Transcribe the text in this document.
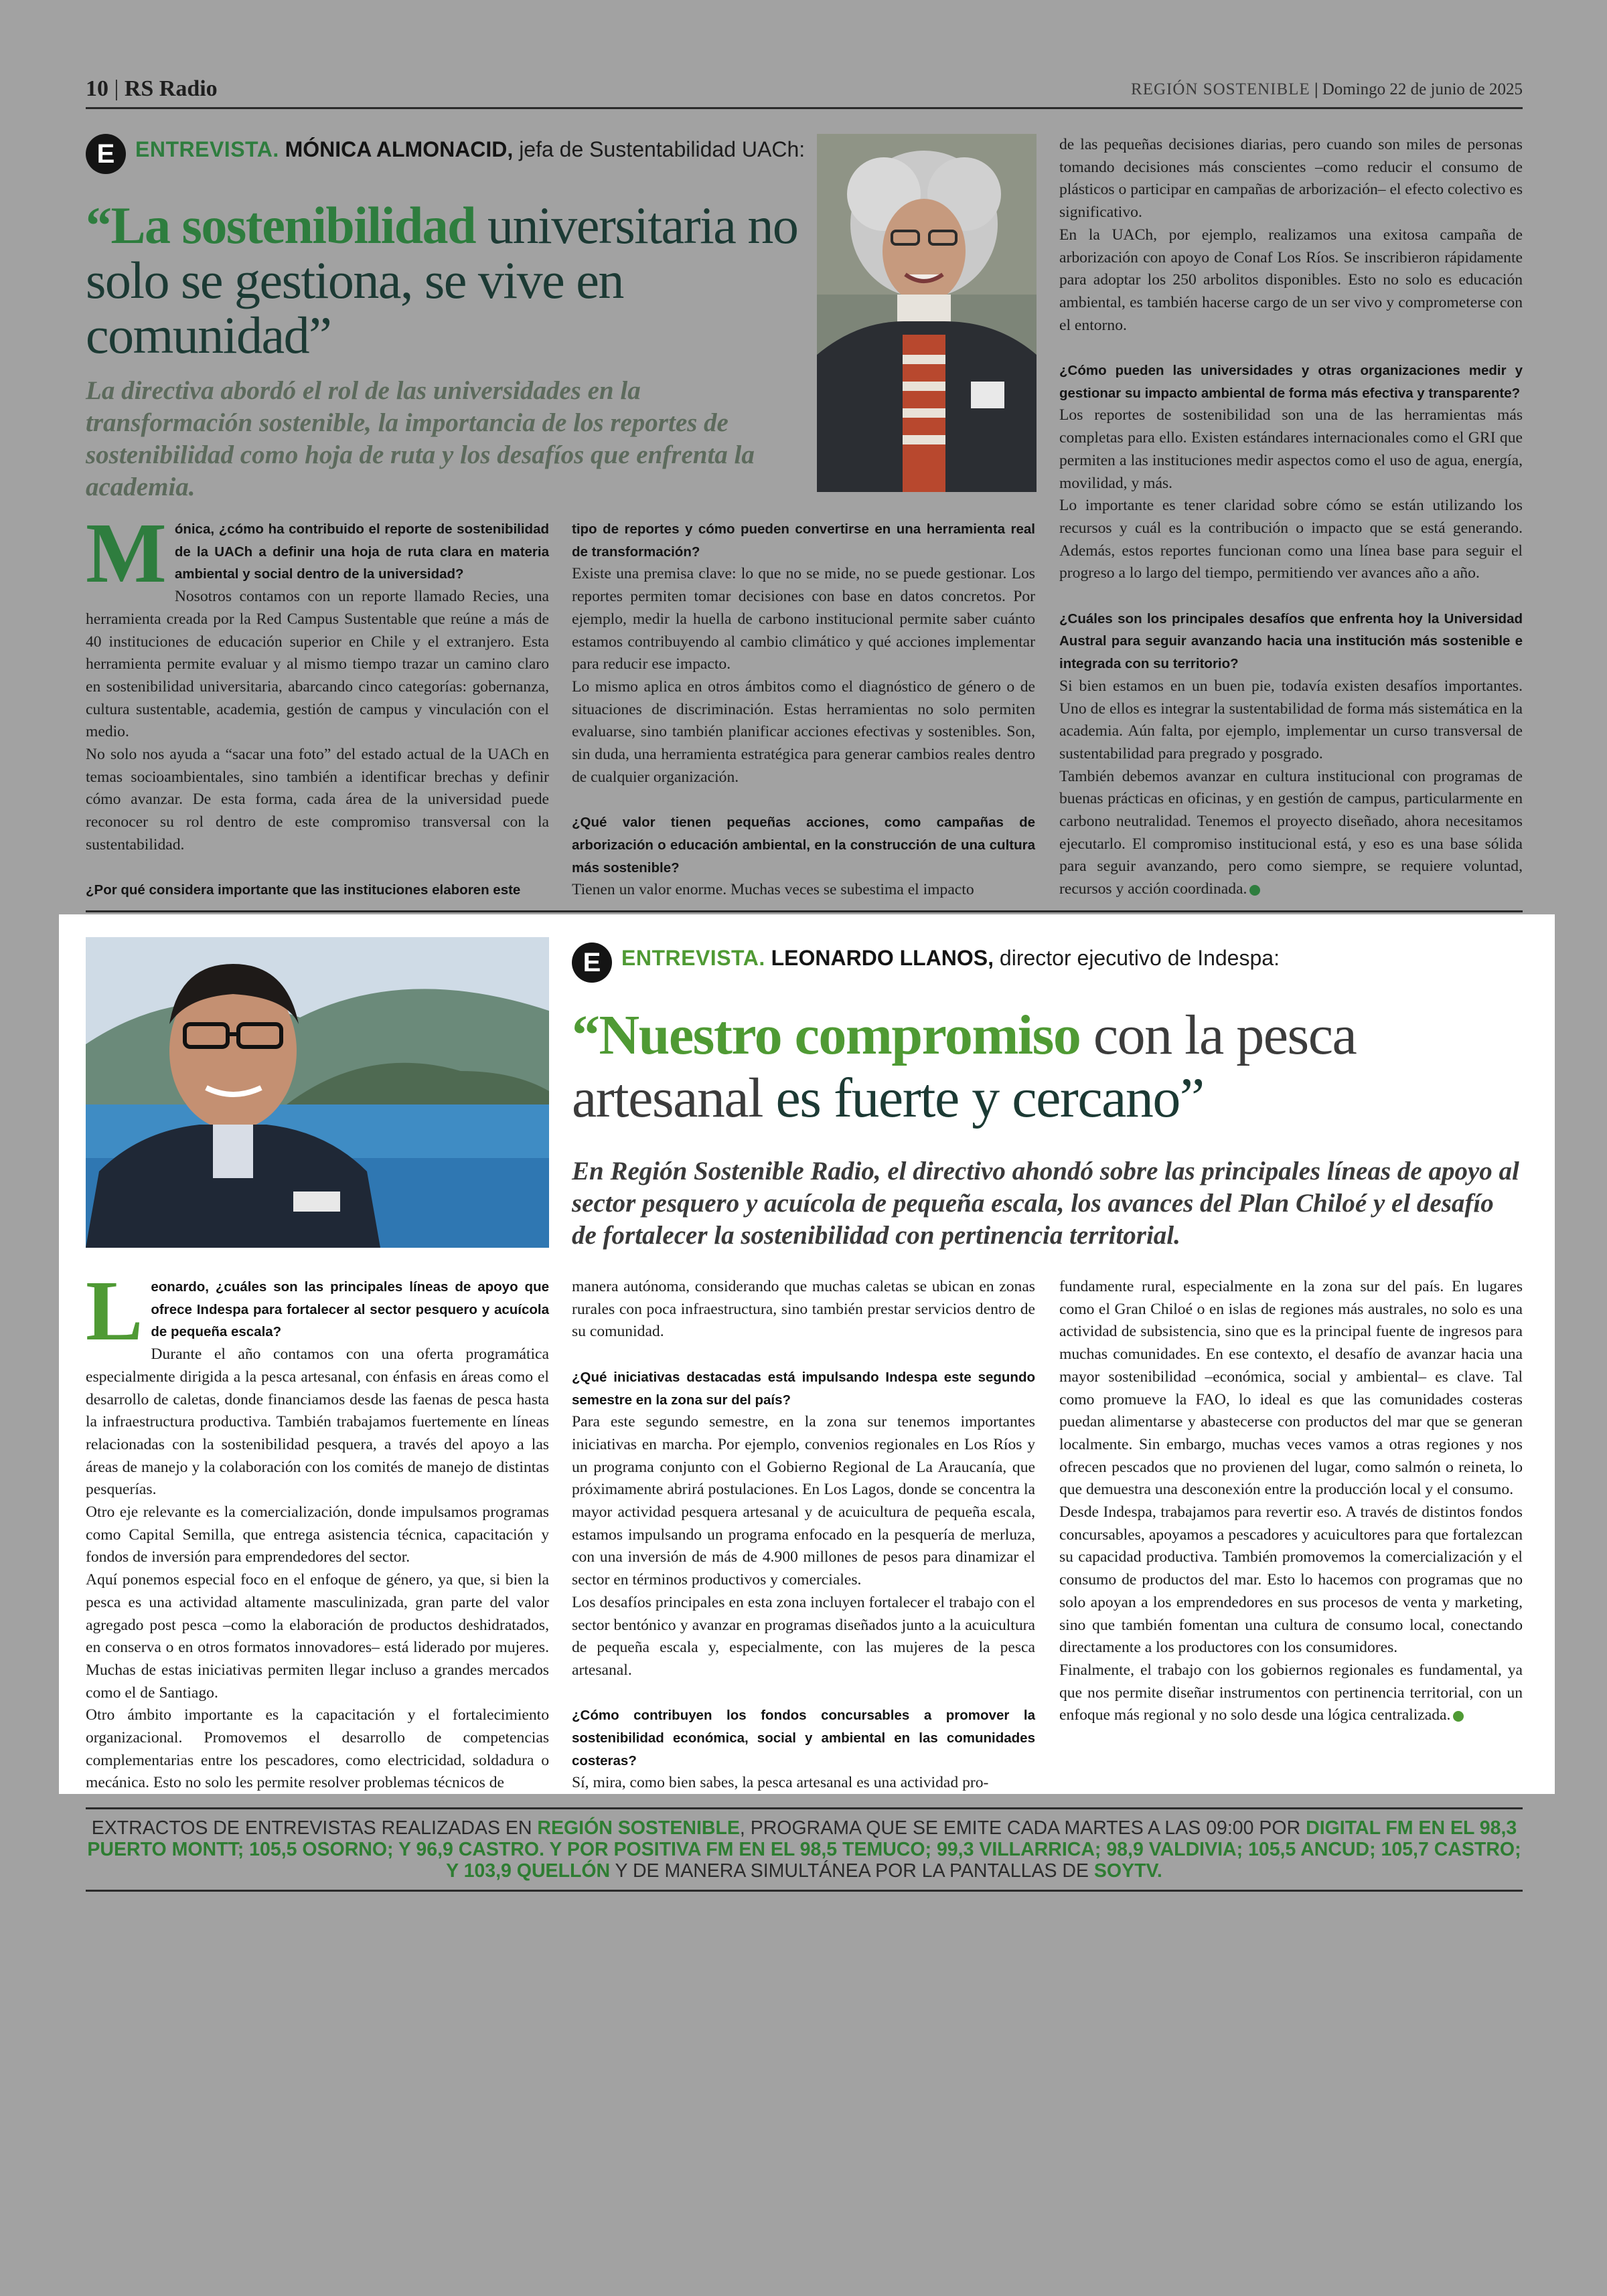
10 | RS Radio	REGIÓN SOSTENIBLE | Domingo 22 de junio de 2025
E ENTREVISTA. MÓNICA ALMONACID, jefa de Sustentabilidad UACh:
“La sostenibilidad universitaria no solo se gestiona, se vive en comunidad”
La directiva abordó el rol de las universidades en la transformación sostenible, la importancia de los reportes de sostenibilidad como hoja de ruta y los desafíos que enfrenta la academia.
M ónica, ¿cómo ha contribuido el reporte de sostenibilidad de la UACh a definir una hoja de ruta clara en materia ambiental y social dentro de la universidad?

Nosotros contamos con un reporte llamado Recies, una herramienta creada por la Red Campus Sustentable que reúne a más de 40 instituciones de educación superior en Chile y el extranjero. Esta herramienta permite evaluar y al mismo tiempo trazar un camino claro en sostenibilidad universitaria, abarcando cinco categorías: gobernanza, cultura sustentable, academia, gestión de campus y vinculación con el medio.

No solo nos ayuda a “sacar una foto” del estado actual de la UACh en temas socioambientales, sino también a identificar brechas y definir cómo avanzar. De esta forma, cada área de la universidad puede reconocer su rol dentro de este compromiso transversal con la sustentabilidad.

¿Por qué considera importante que las instituciones elaboren este
tipo de reportes y cómo pueden convertirse en una herramienta real de transformación?

Existe una premisa clave: lo que no se mide, no se puede gestionar. Los reportes permiten tomar decisiones con base en datos concretos. Por ejemplo, medir la huella de carbono institucional permite saber cuánto estamos contribuyendo al cambio climático y qué acciones implementar para reducir ese impacto.

Lo mismo aplica en otros ámbitos como el diagnóstico de género o de situaciones de discriminación. Estas herramientas no solo permiten evaluarse, sino también planificar acciones efectivas y sostenibles. Son, sin duda, una herramienta estratégica para generar cambios reales dentro de cualquier organización.

¿Qué valor tienen pequeñas acciones, como campañas de arborización o educación ambiental, en la construcción de una cultura más sostenible?

Tienen un valor enorme. Muchas veces se subestima el impacto

de las pequeñas decisiones diarias, pero cuando son miles de personas tomando decisiones más conscientes –como reducir el consumo de plásticos o participar en campañas de arborización– el efecto colectivo es significativo.

En la UACh, por ejemplo, realizamos una exitosa campaña de arborización con apoyo de Conaf Los Ríos. Se inscribieron rápidamente para adoptar los 250 arbolitos disponibles. Esto no solo es educación ambiental, es también hacerse cargo de un ser vivo y comprometerse con el entorno.

¿Cómo pueden las universidades y otras organizaciones medir y gestionar su impacto ambiental de forma más efectiva y transparente?

Los reportes de sostenibilidad son una de las herramientas más completas para ello. Existen estándares internacionales como el GRI que permiten a las instituciones medir aspectos como el uso de agua, energía, movilidad, y más.

Lo importante es tener claridad sobre cómo se están utilizando los recursos y cuál es la contribución o impacto que se está generando. Además, estos reportes funcionan como una línea base para seguir el progreso a lo largo del tiempo, permitiendo ver avances año a año.

¿Cuáles son los principales desafíos que enfrenta hoy la Universidad Austral para seguir avanzando hacia una institución más sostenible e integrada con su territorio?

Si bien estamos en un buen pie, todavía existen desafíos importantes. Uno de ellos es integrar la sustentabilidad de forma más sistemática en la academia. Aún falta, por ejemplo, implementar un curso transversal de sustentabilidad para pregrado y posgrado.

También debemos avanzar en cultura institucional con programas de buenas prácticas en oficinas, y en gestión de campus, particularmente en carbono neutralidad. Tenemos el proyecto diseñado, ahora necesitamos ejecutarlo. El compromiso institucional está, y eso es una base sólida para seguir avanzando, pero como siempre, se requiere voluntad, recursos y acción coordinada.

E ENTREVISTA. LEONARDO LLANOS, director ejecutivo de Indespa:
“Nuestro compromiso con la pesca artesanal es fuerte y cercano”
En Región Sostenible Radio, el directivo ahondó sobre las principales líneas de apoyo al sector pesquero y acuícola de pequeña escala, los avances del Plan Chiloé y el desafío de fortalecer la sostenibilidad con pertinencia territorial.
L eonardo, ¿cuáles son las principales líneas de apoyo que ofrece Indespa para fortalecer al sector pesquero y acuícola de pequeña escala?

Durante el año contamos con una oferta programática especialmente dirigida a la pesca artesanal, con énfasis en áreas como el desarrollo de caletas, donde financiamos desde las faenas de pesca hasta la infraestructura productiva. También trabajamos fuertemente en líneas relacionadas con la sostenibilidad pesquera, a través del apoyo a las áreas de manejo y la colaboración con los comités de manejo de distintas pesquerías.

Otro eje relevante es la comercialización, donde impulsamos programas como Capital Semilla, que entrega asistencia técnica, capacitación y fondos de inversión para emprendedores del sector.

Aquí ponemos especial foco en el enfoque de género, ya que, si bien la pesca es una actividad altamente masculinizada, gran parte del valor agregado post pesca –como la elaboración de productos deshidratados, en conserva o en otros formatos innovadores– está liderado por mujeres. Muchas de estas iniciativas permiten llegar incluso a grandes mercados como el de Santiago.

Otro ámbito importante es la capacitación y el fortalecimiento organizacional. Promovemos el desarrollo de competencias complementarias entre los pescadores, como electricidad, soldadura o mecánica. Esto no solo les permite resolver problemas técnicos de

manera autónoma, considerando que muchas caletas se ubican en zonas rurales con poca infraestructura, sino también prestar servicios dentro de su comunidad.

¿Qué iniciativas destacadas está impulsando Indespa este segundo semestre en la zona sur del país?

Para este segundo semestre, en la zona sur tenemos importantes iniciativas en marcha. Por ejemplo, convenios regionales en Los Ríos y un programa conjunto con el Gobierno Regional de La Araucanía, que próximamente abrirá postulaciones. En Los Lagos, donde se concentra la mayor actividad pesquera artesanal y de acuicultura de pequeña escala, estamos impulsando un programa enfocado en la pesquería de merluza, con una inversión de más de 4.900 millones de pesos para dinamizar el sector en términos productivos y comerciales.

Los desafíos principales en esta zona incluyen fortalecer el trabajo con el sector bentónico y avanzar en programas diseñados junto a la acuicultura de pequeña escala y, especialmente, con las mujeres de la pesca artesanal.

¿Cómo contribuyen los fondos concursables a promover la sostenibilidad económica, social y ambiental en las comunidades costeras?

Sí, mira, como bien sabes, la pesca artesanal es una actividad pro-

fundamente rural, especialmente en la zona sur del país. En lugares como el Gran Chiloé o en islas de regiones más australes, no solo es una actividad de subsistencia, sino que es la principal fuente de ingresos para muchas comunidades. En ese contexto, el desafío de avanzar hacia una mayor sostenibilidad –económica, social y ambiental– es clave. Tal como promueve la FAO, lo ideal es que las comunidades costeras puedan alimentarse y abastecerse con productos del mar que se generan localmente. Sin embargo, muchas veces vamos a otras regiones y nos ofrecen pescados que no provienen del lugar, como salmón o reineta, lo que demuestra una desconexión entre la producción local y el consumo.

Desde Indespa, trabajamos para revertir eso. A través de distintos fondos concursables, apoyamos a pescadores y acuicultores para que fortalezcan su capacidad productiva. También promovemos la comercialización y el consumo de productos del mar. Esto lo hacemos con programas que no solo apoyan a los emprendedores en sus procesos de venta y marketing, sino que también fomentan una cultura de consumo local, conectando directamente a los productores con los consumidores.

Finalmente, el trabajo con los gobiernos regionales es fundamental, ya que nos permite diseñar instrumentos con pertinencia territorial, con un enfoque más regional y no solo desde una lógica centralizada.

EXTRACTOS DE ENTREVISTAS REALIZADAS EN REGIÓN SOSTENIBLE, PROGRAMA QUE SE EMITE CADA MARTES A LAS 09:00 POR DIGITAL FM EN EL 98,3 PUERTO MONTT; 105,5 OSORNO; Y 96,9 CASTRO. Y POR POSITIVA FM EN EL 98,5 TEMUCO; 99,3 VILLARRICA; 98,9 VALDIVIA; 105,5 ANCUD; 105,7 CASTRO; Y 103,9 QUELLÓN Y DE MANERA SIMULTÁNEA POR LA PANTALLAS DE SOYTV.
